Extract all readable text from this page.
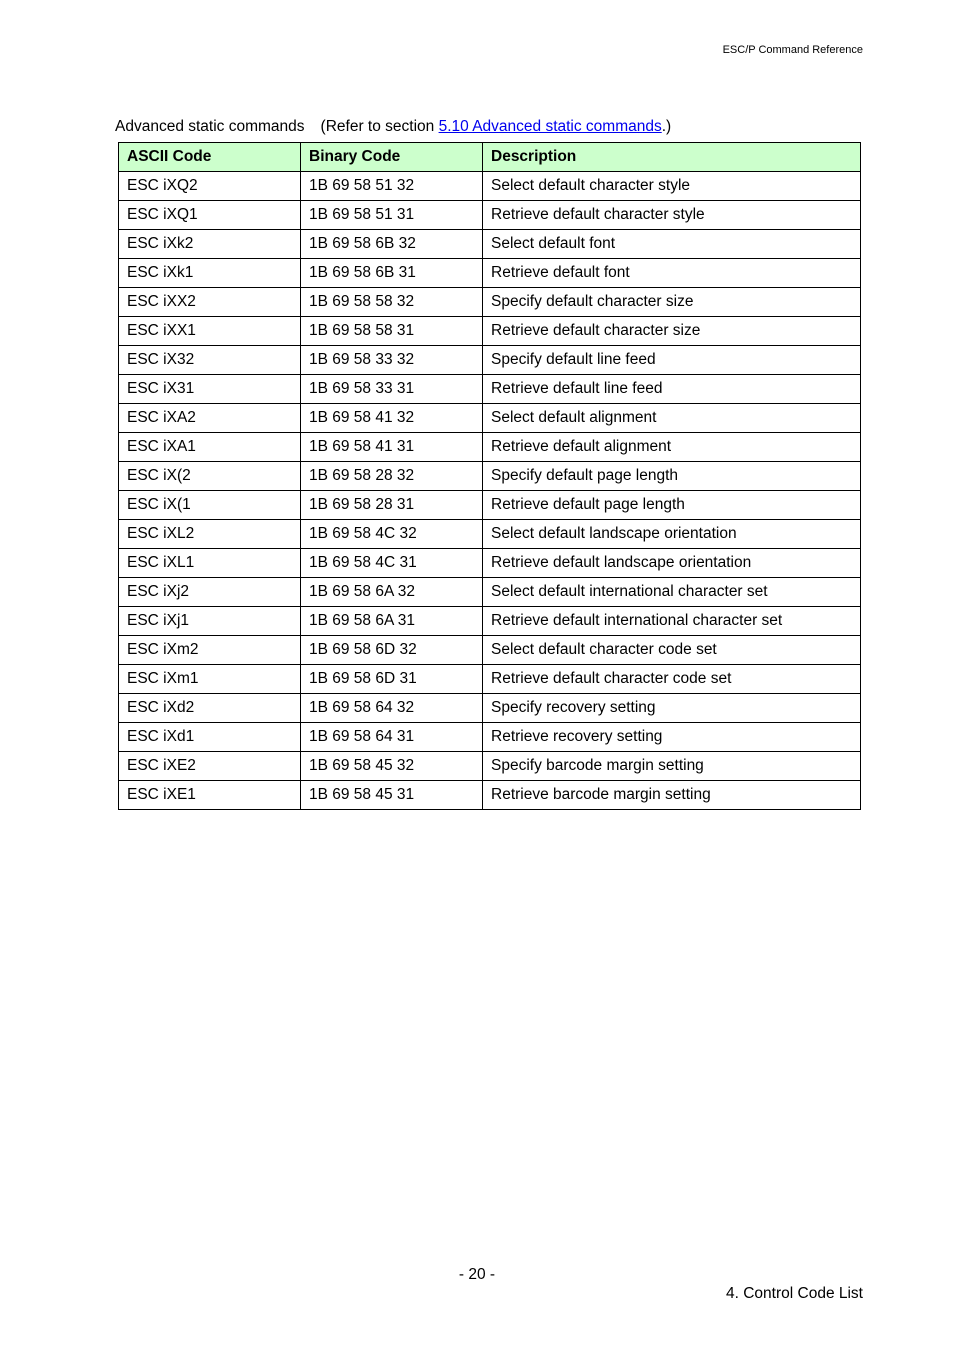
ESC/P Command Reference
Advanced static commands (Refer to section 5.10 Advanced static commands.)
ASCII Code	Binary Code	Description
ESC iXQ2	1B 69 58 51 32	Select default character style
ESC iXQ1	1B 69 58 51 31	Retrieve default character style
ESC iXk2	1B 69 58 6B 32	Select default font
ESC iXk1	1B 69 58 6B 31	Retrieve default font
ESC iXX2	1B 69 58 58 32	Specify default character size
ESC iXX1	1B 69 58 58 31	Retrieve default character size
ESC iX32	1B 69 58 33 32	Specify default line feed
ESC iX31	1B 69 58 33 31	Retrieve default line feed
ESC iXA2	1B 69 58 41 32	Select default alignment
ESC iXA1	1B 69 58 41 31	Retrieve default alignment
ESC iX(2	1B 69 58 28 32	Specify default page length
ESC iX(1	1B 69 58 28 31	Retrieve default page length
ESC iXL2	1B 69 58 4C 32	Select default landscape orientation
ESC iXL1	1B 69 58 4C 31	Retrieve default landscape orientation
ESC iXj2	1B 69 58 6A 32	Select default international character set
ESC iXj1	1B 69 58 6A 31	Retrieve default international character set
ESC iXm2	1B 69 58 6D 32	Select default character code set
ESC iXm1	1B 69 58 6D 31	Retrieve default character code set
ESC iXd2	1B 69 58 64 32	Specify recovery setting
ESC iXd1	1B 69 58 64 31	Retrieve recovery setting
ESC iXE2	1B 69 58 45 32	Specify barcode margin setting
ESC iXE1	1B 69 58 45 31	Retrieve barcode margin setting
- 20 -
4. Control Code List
